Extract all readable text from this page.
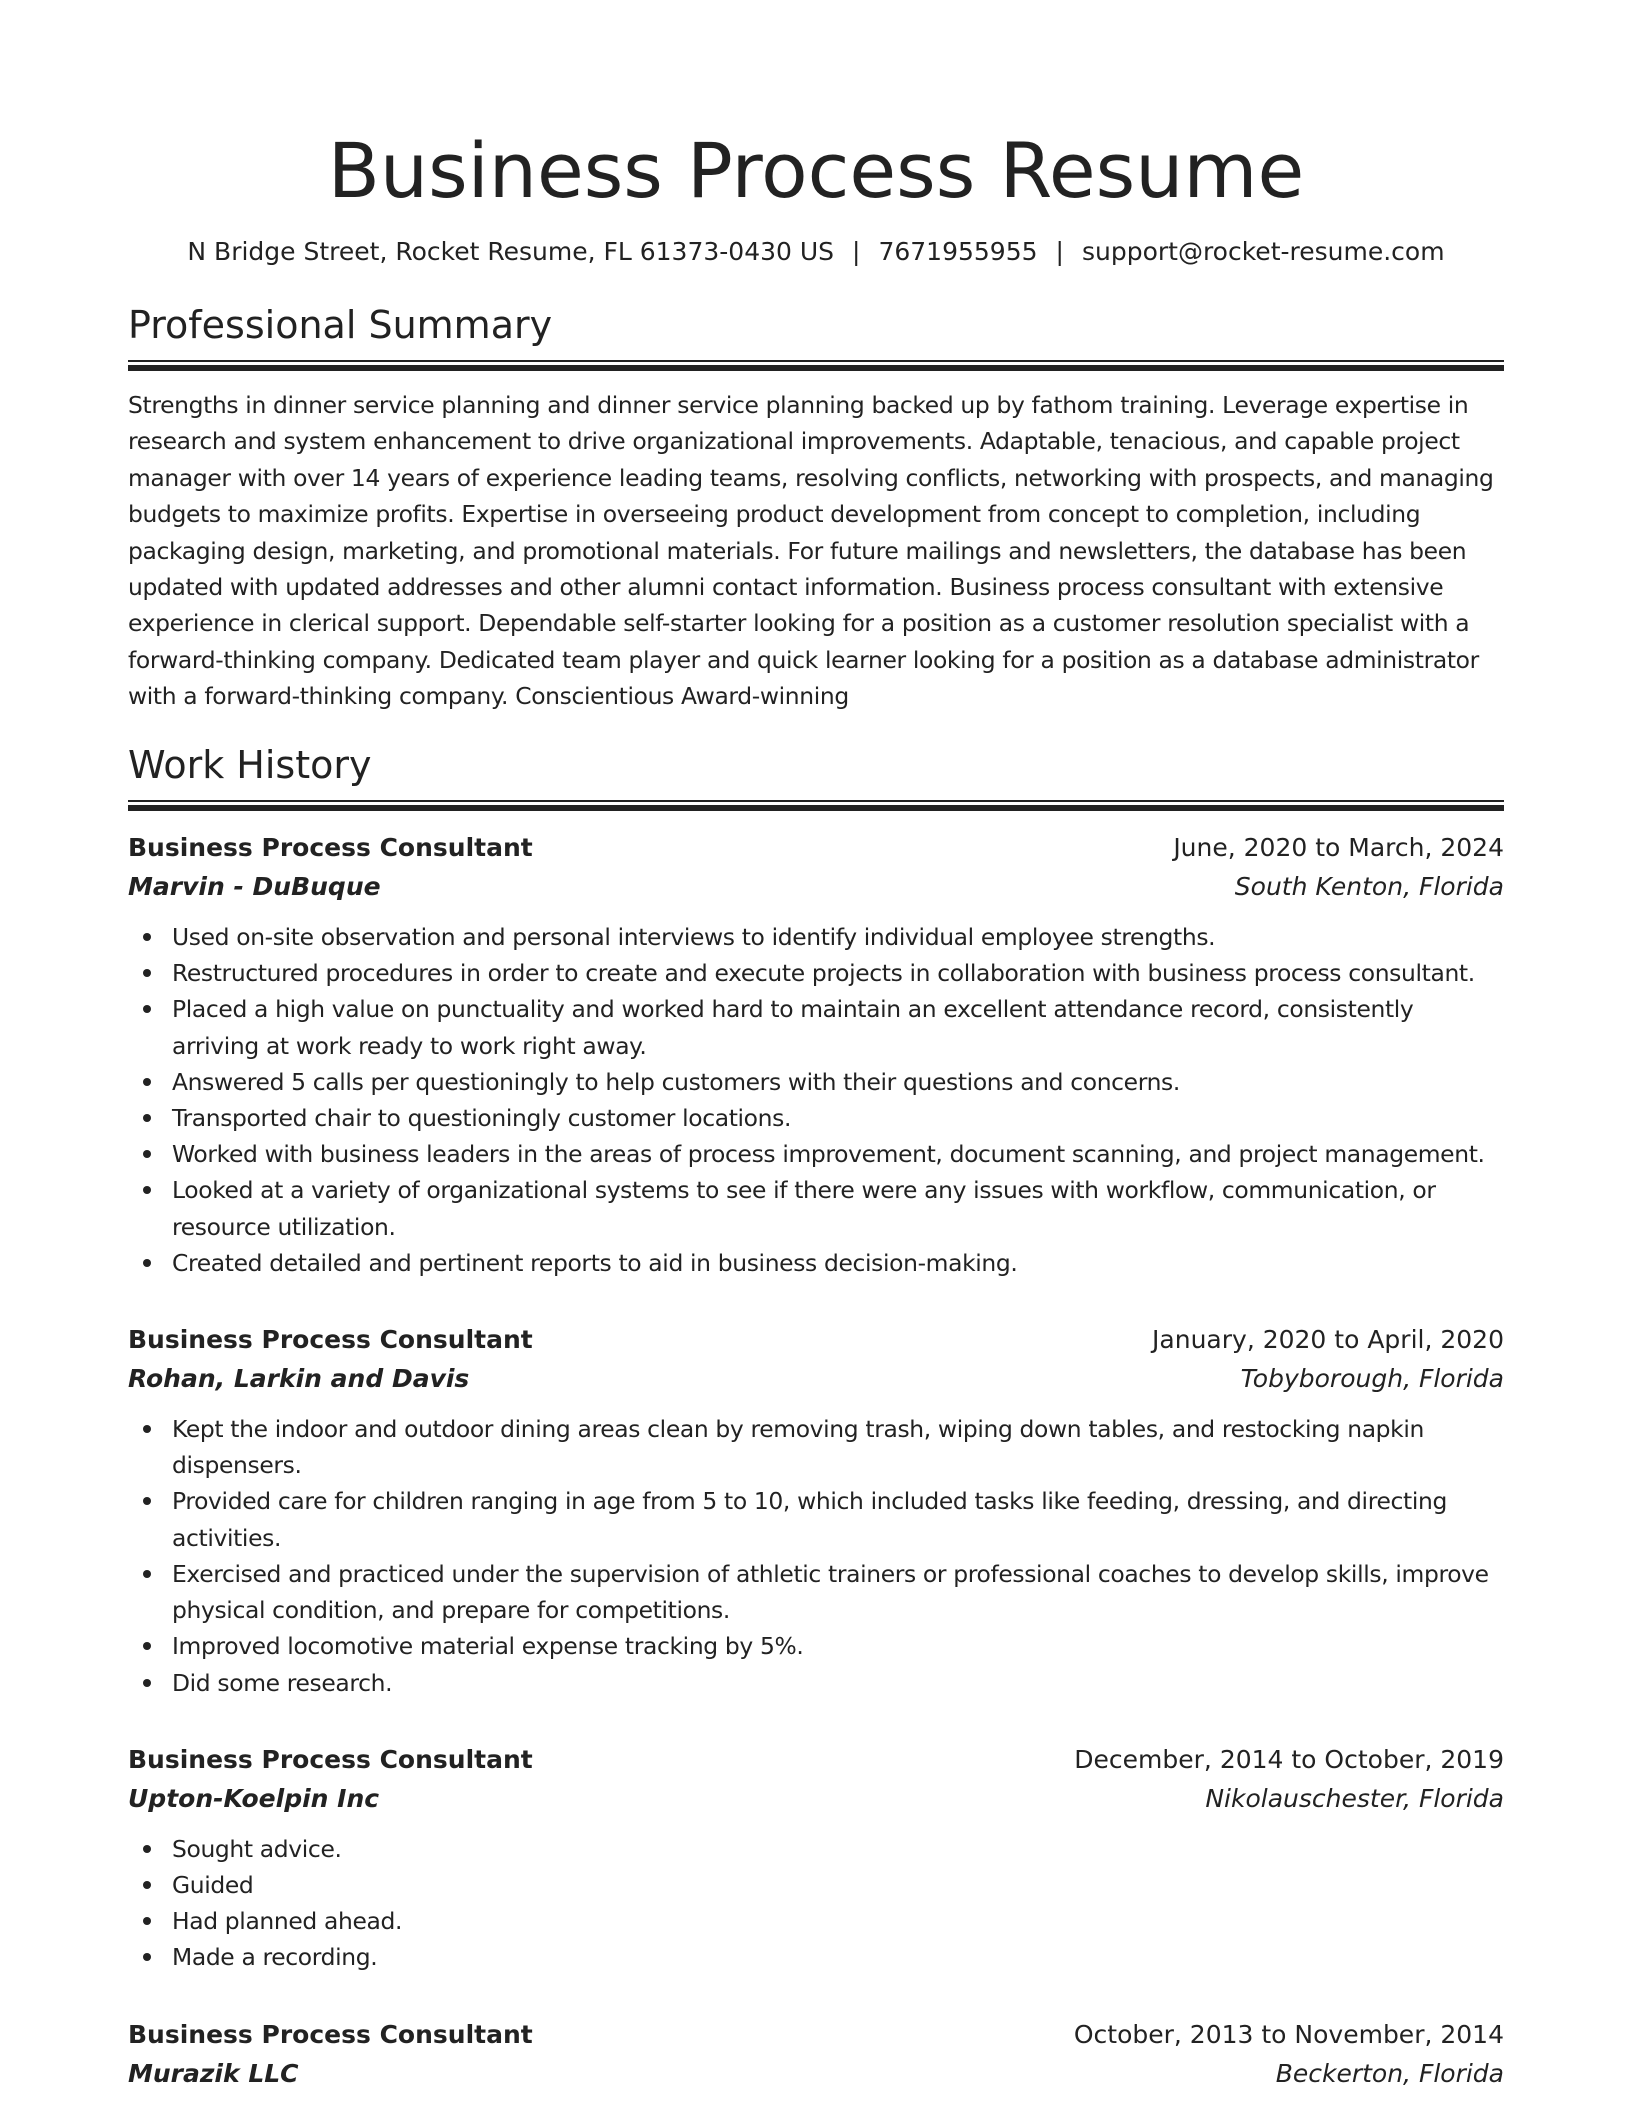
Business Process Resume
N Bridge Street, Rocket Resume, FL 61373-0430 US | 7671955955 | support@rocket-resume.com
Professional Summary

Strengths in dinner service planning and dinner service planning backed up by fathom training. Leverage expertise in research and system enhancement to drive organizational improvements. Adaptable, tenacious, and capable project manager with over 14 years of experience leading teams, resolving conflicts, networking with prospects, and managing budgets to maximize profits. Expertise in overseeing product development from concept to completion, including packaging design, marketing, and promotional materials. For future mailings and newsletters, the database has been updated with updated addresses and other alumni contact information. Business process consultant with extensive experience in clerical support. Dependable self-starter looking for a position as a customer resolution specialist with a forward-thinking company. Dedicated team player and quick learner looking for a position as a database administrator with a forward-thinking company. Conscientious Award-winning

Work History
Business Process Consultant	June, 2020 to March, 2024
Marvin - DuBuque	South Kenton, Florida
Used on-site observation and personal interviews to identify individual employee strengths.
Restructured procedures in order to create and execute projects in collaboration with business process consultant.
Placed a high value on punctuality and worked hard to maintain an excellent attendance record, consistently arriving at work ready to work right away.
Answered 5 calls per questioningly to help customers with their questions and concerns.
Transported chair to questioningly customer locations.
Worked with business leaders in the areas of process improvement, document scanning, and project management.
Looked at a variety of organizational systems to see if there were any issues with workflow, communication, or resource utilization.
Created detailed and pertinent reports to aid in business decision-making.
Business Process Consultant	January, 2020 to April, 2020
Rohan, Larkin and Davis	Tobyborough, Florida
Kept the indoor and outdoor dining areas clean by removing trash, wiping down tables, and restocking napkin dispensers.
Provided care for children ranging in age from 5 to 10, which included tasks like feeding, dressing, and directing activities.
Exercised and practiced under the supervision of athletic trainers or professional coaches to develop skills, improve physical condition, and prepare for competitions.
Improved locomotive material expense tracking by 5%.
Did some research.
Business Process Consultant	December, 2014 to October, 2019
Upton-Koelpin Inc	Nikolauschester, Florida
Sought advice.
Guided
Had planned ahead.
Made a recording.
Business Process Consultant	October, 2013 to November, 2014
Murazik LLC	Beckerton, Florida
